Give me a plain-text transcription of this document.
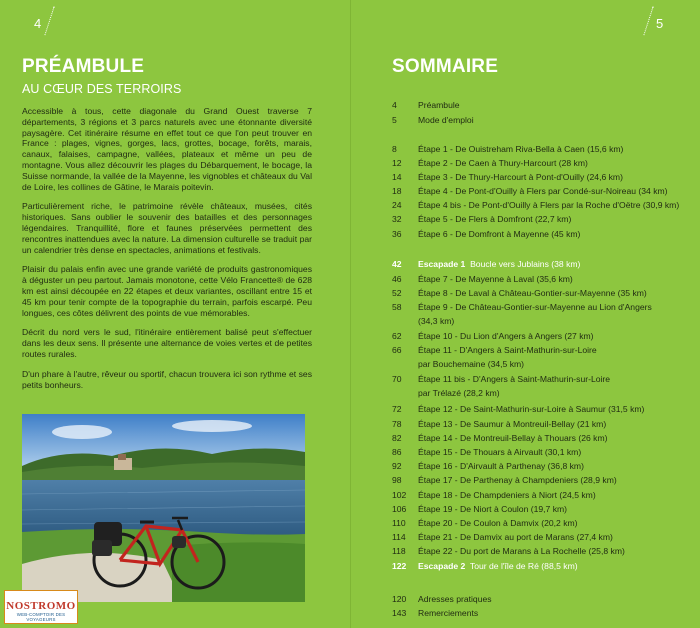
4	5
PRÉAMBULE
AU CŒUR DES TERROIRS

Accessible à tous, cette diagonale du Grand Ouest traverse 7 départements, 3 régions et 3 parcs naturels avec une étonnante diversité paysagère. Cet itinéraire résume en effet tout ce que l'on peut trouver en France : plages, vignes, gorges, lacs, grottes, bocage, forêts, marais, canaux, falaises, campagne, vallées, plateaux et même un peu de montagne. Vous allez découvrir les plages du Débarquement, le bocage, la Suisse normande, la vallée de la Mayenne, les vignobles et châteaux du Val de Loire, les collines de Gâtine, le Marais poitevin.

Particulièrement riche, le patrimoine révèle châteaux, musées, cités historiques. Sans oublier le souvenir des batailles et des personnages légendaires. Tranquillité, flore et faunes préservées permettent des rencontres inattendues avec la nature. La dimension culturelle se traduit par un calendrier très dense en spectacles, animations et festivals.

Plaisir du palais enfin avec une grande variété de produits gastronomiques à déguster un peu partout. Jamais monotone, cette Vélo Francette® de 628 km est ainsi découpée en 22 étapes et deux variantes, oscillant entre 15 et 45 km pour tenir compte de la topographie du terrain, parfois escarpé. Peu longues, ces côtes délivrent des points de vue mémorables.

Décrit du nord vers le sud, l'itinéraire entièrement balisé peut s'effectuer dans les deux sens. Il présente une alternance de voies vertes et de petites routes rurales.

D'un phare à l'autre, rêveur ou sportif, chacun trouvera ici son rythme et ses petits bonheurs.

NOSTROMO
WEB-COMPTOIR DES VOYAGEURS
SOMMAIRE
4	Préambule
5	Mode d'emploi
8	Étape 1 - De Ouistreham Riva-Bella à Caen (15,6 km)
12	Étape 2 - De Caen à Thury-Harcourt (28 km)
14	Étape 3 - De Thury-Harcourt à Pont-d'Ouilly (24,6 km)
18	Étape 4 - De Pont-d'Ouilly à Flers par Condé-sur-Noireau (34 km)
24	Étape 4 bis - De Pont-d'Ouilly à Flers par la Roche d'Oëtre (30,9 km)
32	Étape 5 - De Flers à Domfront (22,7 km)
36	Étape 6 - De Domfront à Mayenne (45 km)
42	Escapade 1  Boucle vers Jublains (38 km)
46	Étape 7 - De Mayenne à Laval (35,6 km)
52	Étape 8 - De Laval à Château-Gontier-sur-Mayenne (35 km)
58	Étape 9 - De Château-Gontier-sur-Mayenne au Lion d'Angers
(34,3 km)
62	Étape 10 - Du Lion d'Angers à Angers (27 km)
66	Étape 11 - D'Angers à Saint-Mathurin-sur-Loire
par Bouchemaine (34,5 km)
70	Étape 11 bis - D'Angers à Saint-Mathurin-sur-Loire
par Trélazé (28,2 km)
72	Étape 12 - De Saint-Mathurin-sur-Loire à Saumur (31,5 km)
78	Étape 13 - De Saumur à Montreuil-Bellay (21 km)
82	Étape 14 - De Montreuil-Bellay à Thouars (26 km)
86	Étape 15 - De Thouars à Airvault (30,1 km)
92	Étape 16 - D'Airvault à Parthenay (36,8 km)
98	Étape 17 - De Parthenay à Champdeniers (28,9 km)
102	Étape 18 - De Champdeniers à Niort (24,5 km)
106	Étape 19 - De Niort à Coulon (19,7 km)
110	Étape 20 - De Coulon à Damvix (20,2 km)
114	Étape 21 - De Damvix au port de Marans (27,4 km)
118	Étape 22 - Du port de Marans à La Rochelle (25,8 km)
122	Escapade 2  Tour de l'île de Ré (88,5 km)
120	Adresses pratiques
143	Remerciements
